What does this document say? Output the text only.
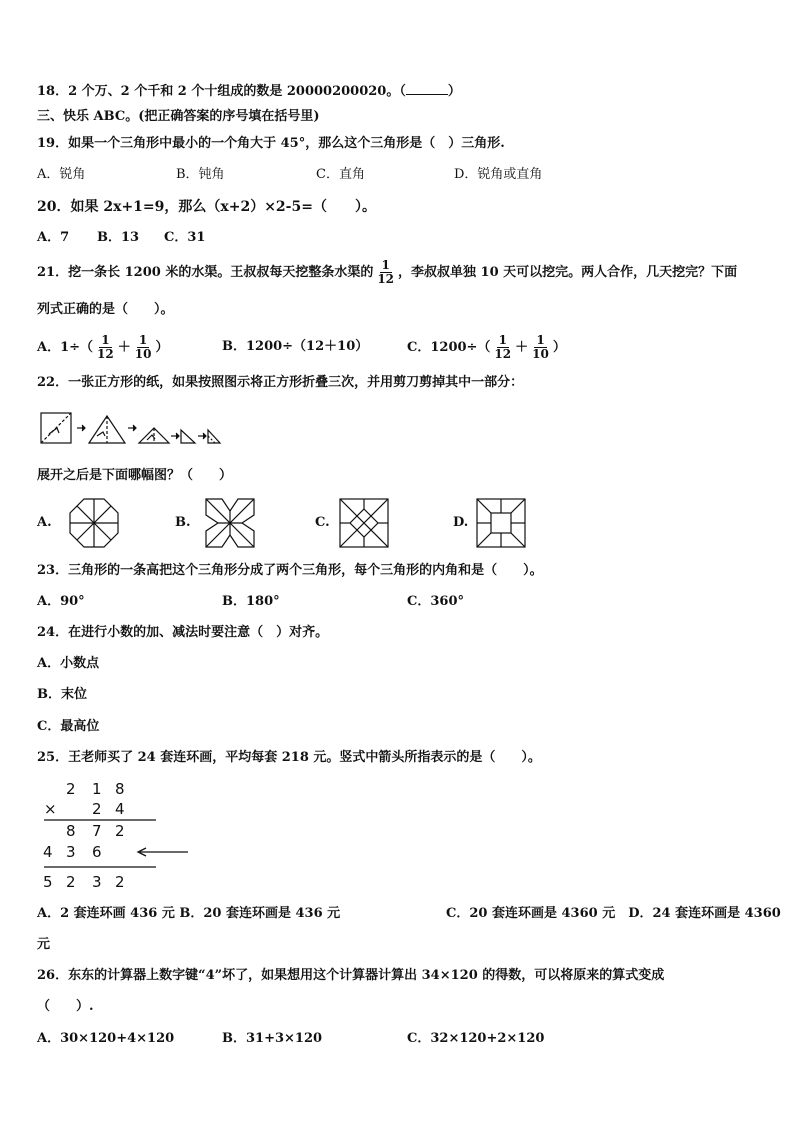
18．2 个万、2 个千和 2 个十组成的数是 20000200020。（	）
三、快乐 ABC。(把正确答案的序号填在括号里)
19．如果一个三角形中最小的一个角大于 45°，那么这个三角形是（　）三角形.
A．锐角	B．钝角	C．直角	D．锐角或直角
20．如果 2x+1=9，那么（x+2）×2-5=（　　）。
A．7 B．13 C．31
21．挖一条长 1200 米的水渠。王叔叔每天挖整条水渠的 $\frac{1}{12}$ ，李叔叔单独 10 天可以挖完。两人合作，几天挖完？下面
列式正确的是（　　）。
A．$1\div( \frac{1}{12} + \frac{1}{10}$ ）	B．1200÷（12＋10）	C．$1200\div( \frac{1}{12} + \frac{1}{10}$ ）
22．一张正方形的纸，如果按照图示将正方形折叠三次，并用剪刀剪掉其中一部分：
展开之后是下面哪幅图？（　　）
A.	B.	C.	D.
23．三角形的一条高把这个三角形分成了两个三角形，每个三角形的内角和是（　　）。
A．90°	B．180°	C．360°
24．在进行小数的加、减法时要注意（　）对齐。
A．小数点
B．末位
C．最高位
25．王老师买了 24 套连环画，平均每套 218 元。竖式中箭头所指表示的是（　　）。
2 1 8
× 2 4
8 7 2
4 3 6
5 2 3 2
A．2 套连环画 436 元 B．20 套连环画是 436 元	C．20 套连环画是 4360 元　D．24 套连环画是 4360
元
26．东东的计算器上数字键“4”坏了，如果想用这个计算器计算出 34×120 的得数，可以将原来的算式变成
（　　）.
A．30×120+4×120	B．31+3×120	C．32×120+2×120
